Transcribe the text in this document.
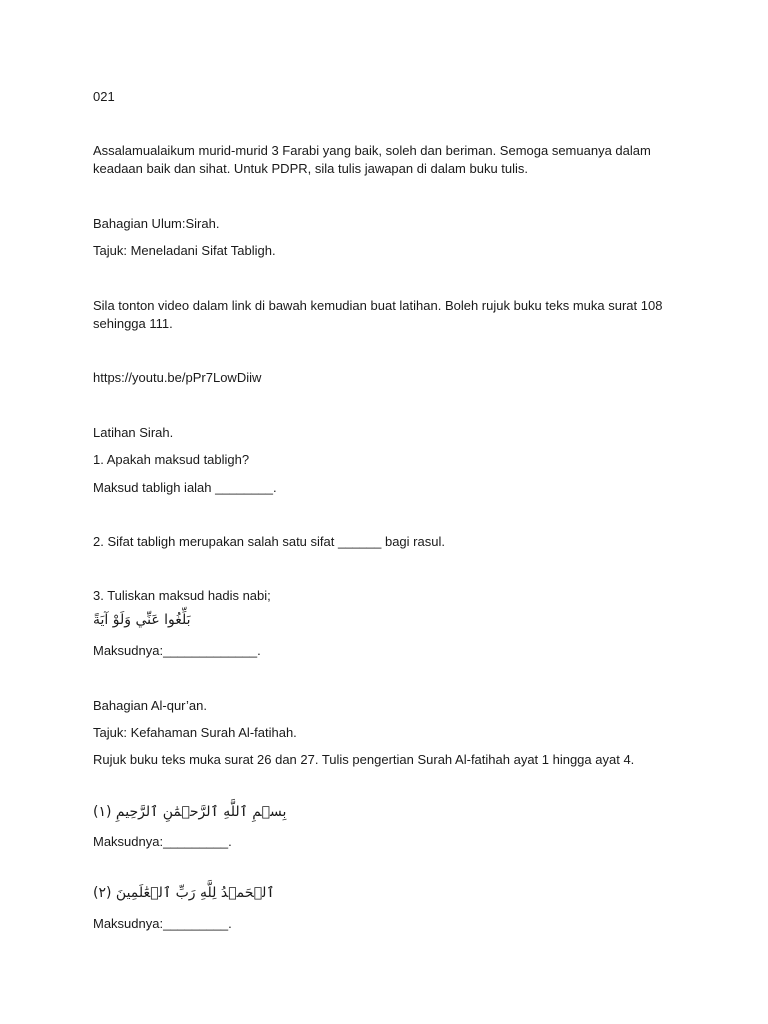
021
Assalamualaikum murid-murid 3 Farabi yang baik, soleh dan beriman. Semoga semuanya dalam keadaan baik dan sihat. Untuk PDPR, sila tulis jawapan di dalam buku tulis.
Bahagian Ulum:Sirah.
Tajuk: Meneladani Sifat Tabligh.
Sila tonton video dalam link di bawah kemudian buat latihan. Boleh rujuk buku teks muka surat 108 sehingga 111.
https://youtu.be/pPr7LowDiiw
Latihan Sirah.
1. Apakah maksud tabligh?
Maksud tabligh ialah ________.
2. Sifat tabligh merupakan salah satu sifat ______ bagi rasul.
3. Tuliskan maksud hadis nabi;
بَلِّغُوا عَنِّي وَلَوْ آيَةً
Maksudnya:_____________.
Bahagian Al-qur’an.
Tajuk: Kefahaman Surah Al-fatihah.
Rujuk buku teks muka surat 26 dan 27. Tulis pengertian Surah Al-fatihah ayat 1 hingga ayat 4.
بِسۡمِ ٱللَّهِ ٱلرَّحۡمَٰنِ ٱلرَّحِيمِ (١)
Maksudnya:_________.
ٱلۡحَمۡدُ لِلَّهِ رَبِّ ٱلۡعَٰلَمِينَ (٢)
Maksudnya:_________.
